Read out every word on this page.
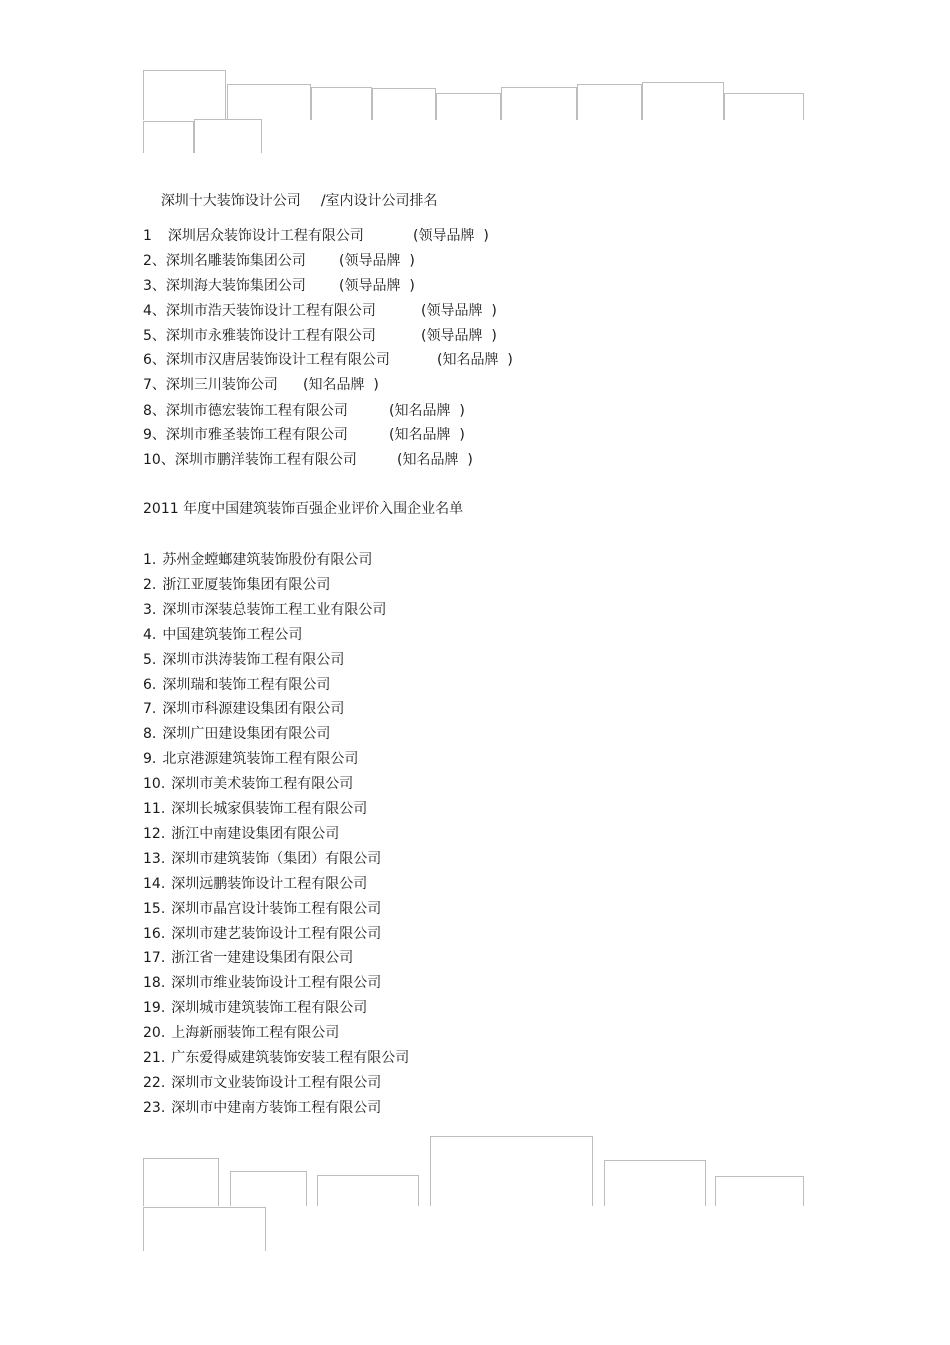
深圳十大装饰设计公司 /室内设计公司排名

1 深圳居众装饰设计工程有限公司	(领导品牌  )
2、深圳名雕装饰集团公司 (领导品牌  )
3、深圳海大装饰集团公司 (领导品牌  )
4、深圳市浩天装饰设计工程有限公司	(领导品牌  )
5、深圳市永雅装饰设计工程有限公司	(领导品牌  )
6、深圳市汉唐居装饰设计工程有限公司	(知名品牌  )
7、深圳三川装饰公司 (知名品牌  )
8、深圳市德宏装饰工程有限公司	(知名品牌  )
9、深圳市雅圣装饰工程有限公司	(知名品牌  )
10、深圳市鹏洋装饰工程有限公司	(知名品牌  )

2011 年度中国建筑装饰百强企业评价入围企业名单

1. 苏州金螳螂建筑装饰股份有限公司
2. 浙江亚厦装饰集团有限公司
3. 深圳市深装总装饰工程工业有限公司
4. 中国建筑装饰工程公司
5. 深圳市洪涛装饰工程有限公司
6. 深圳瑞和装饰工程有限公司
7. 深圳市科源建设集团有限公司
8. 深圳广田建设集团有限公司
9. 北京港源建筑装饰工程有限公司
10. 深圳市美术装饰工程有限公司
11. 深圳长城家俱装饰工程有限公司
12. 浙江中南建设集团有限公司
13. 深圳市建筑装饰（集团）有限公司
14. 深圳远鹏装饰设计工程有限公司
15. 深圳市晶宫设计装饰工程有限公司
16. 深圳市建艺装饰设计工程有限公司
17. 浙江省一建建设集团有限公司
18. 深圳市维业装饰设计工程有限公司
19. 深圳城市建筑装饰工程有限公司
20. 上海新丽装饰工程有限公司
21. 广东爱得威建筑装饰安装工程有限公司
22. 深圳市文业装饰设计工程有限公司
23. 深圳市中建南方装饰工程有限公司
